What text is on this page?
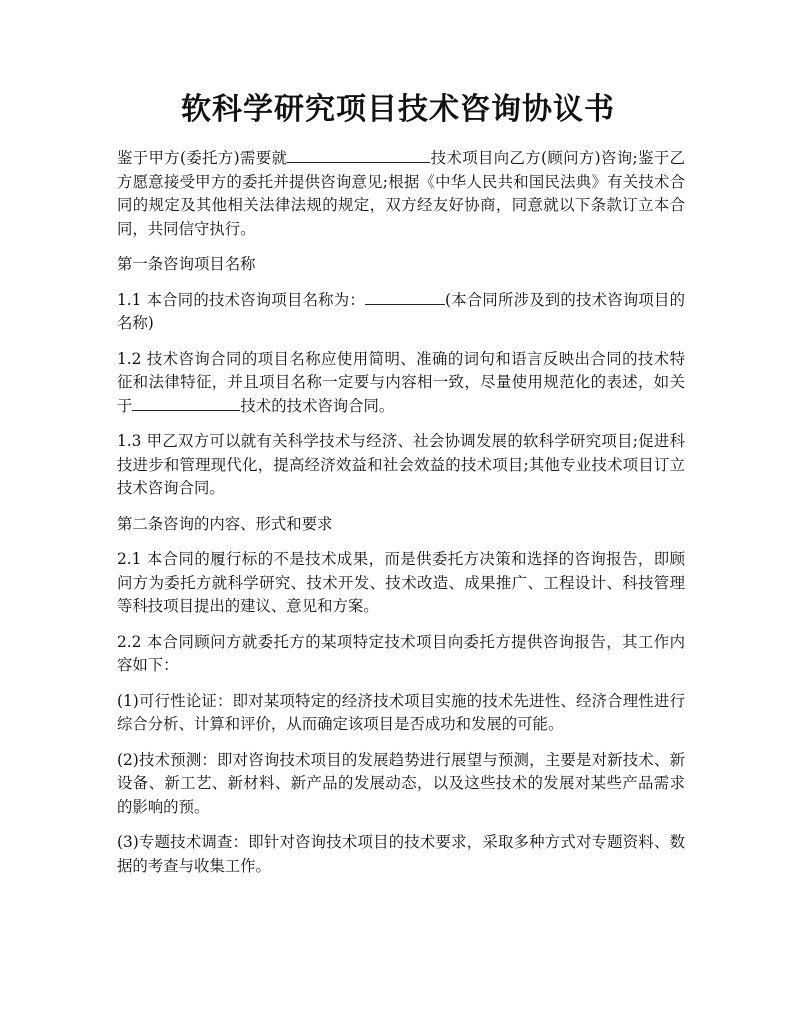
软科学研究项目技术咨询协议书

鉴于甲方(委托方)需要就	技术项目向乙方(顾问方)咨询;鉴于乙方愿意接受甲方的委托并提供咨询意见;根据《中华人民共和国民法典》有关技术合同的规定及其他相关法律法规的规定，双方经友好协商，同意就以下条款订立本合同，共同信守执行。

第一条咨询项目名称

1.1 本合同的技术咨询项目名称为：	(本合同所涉及到的技术咨询项目的名称)

1.2 技术咨询合同的项目名称应使用简明、准确的词句和语言反映出合同的技术特征和法律特征，并且项目名称一定要与内容相一致，尽量使用规范化的表述，如关于	技术的技术咨询合同。

1.3 甲乙双方可以就有关科学技术与经济、社会协调发展的软科学研究项目;促进科技进步和管理现代化，提高经济效益和社会效益的技术项目;其他专业技术项目订立技术咨询合同。

第二条咨询的内容、形式和要求

2.1 本合同的履行标的不是技术成果，而是供委托方决策和选择的咨询报告，即顾问方为委托方就科学研究、技术开发、技术改造、成果推广、工程设计、科技管理等科技项目提出的建议、意见和方案。

2.2 本合同顾问方就委托方的某项特定技术项目向委托方提供咨询报告，其工作内容如下：

(1)可行性论证：即对某项特定的经济技术项目实施的技术先进性、经济合理性进行综合分析、计算和评价，从而确定该项目是否成功和发展的可能。

(2)技术预测：即对咨询技术项目的发展趋势进行展望与预测，主要是对新技术、新设备、新工艺、新材料、新产品的发展动态，以及这些技术的发展对某些产品需求的影响的预。

(3)专题技术调查：即针对咨询技术项目的技术要求，采取多种方式对专题资料、数据的考查与收集工作。
